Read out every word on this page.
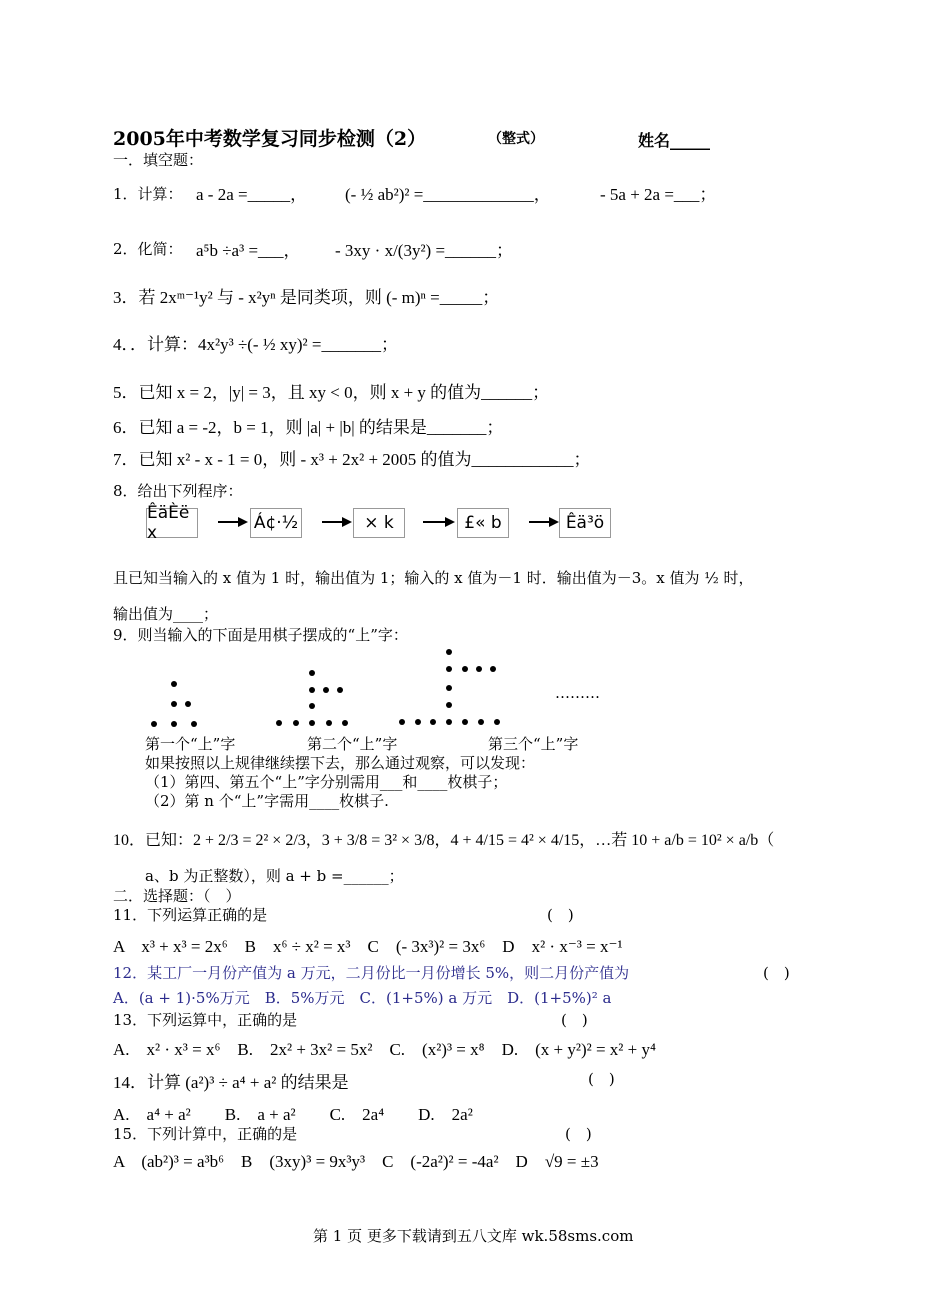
2005年中考数学复习同步检测（2）	（整式）	姓名_____
一．填空题：
1．计算： a - 2a =_____， (- ½ ab²)² =_____________，	- 5a + 2a =___；
2．化简： a⁵b ÷a³ =___， - 3xy · x/(3y²) =______；
3．若 2xᵐ⁻¹y² 与 - x²yⁿ 是同类项，则 (- m)ⁿ =_____；
4．．计算：4x²y³ ÷(- ½ xy)² =_______；
5．已知 x = 2，|y| = 3，且 xy < 0，则 x + y 的值为______；
6．已知 a = -2，b = 1，则 |a| + |b| 的结果是_______；
7．已知 x² - x - 1 = 0，则 - x³ + 2x² + 2005 的值为____________；
8．给出下列程序：
ÊäÈë x	Á¢·½	× k	£« b	Êä³ö
且已知当输入的 x 值为 1 时，输出值为 1；输入的 x 值为－1 时．输出值为－3。x 值为 ½ 时，
输出值为____；
9．则当输入的下面是用棋子摆成的“上”字：
………
第一个“上”字	第二个“上”字	第三个“上”字
如果按照以上规律继续摆下去，那么通过观察，可以发现：
（1）第四、第五个“上”字分别需用___和____枚棋子；
（2）第 n 个“上”字需用____枚棋子.
10．已知：2 + 2/3 = 2² × 2/3，3 + 3/8 = 3² × 3/8，4 + 4/15 = 4² × 4/15，…若 10 + a/b = 10² × a/b（
a、b 为正整数），则 a + b =______；
二．选择题：（　）
11．下列运算正确的是	(　)
A　x³ + x³ = 2x⁶　B　x⁶ ÷ x² = x³　C　(- 3x³)² = 3x⁶　D　x² · x⁻³ = x⁻¹
12．某工厂一月份产值为 a 万元，二月份比一月份增长 5%，则二月份产值为	(　)
A．(a + 1)·5%万元　B．5%万元　C．(1+5%) a 万元　D．(1+5%)² a
13．下列运算中，正确的是	(　)
A.　x² · x³ = x⁶　B.　2x² + 3x² = 5x²　C.　(x²)³ = x⁸　D.　(x + y²)² = x² + y⁴
14．计算 (a²)³ ÷ a⁴ + a² 的结果是	(　)
A.　a⁴ + a²　　B.　a + a²　　C.　2a⁴　　D.　2a²
15．下列计算中，正确的是	(　)
A　(ab²)³ = a³b⁶　B　(3xy)³ = 9x³y³　C　(-2a²)² = -4a²　D　√9 = ±3
第 1 页 更多下载请到五八文库 wk.58sms.com
